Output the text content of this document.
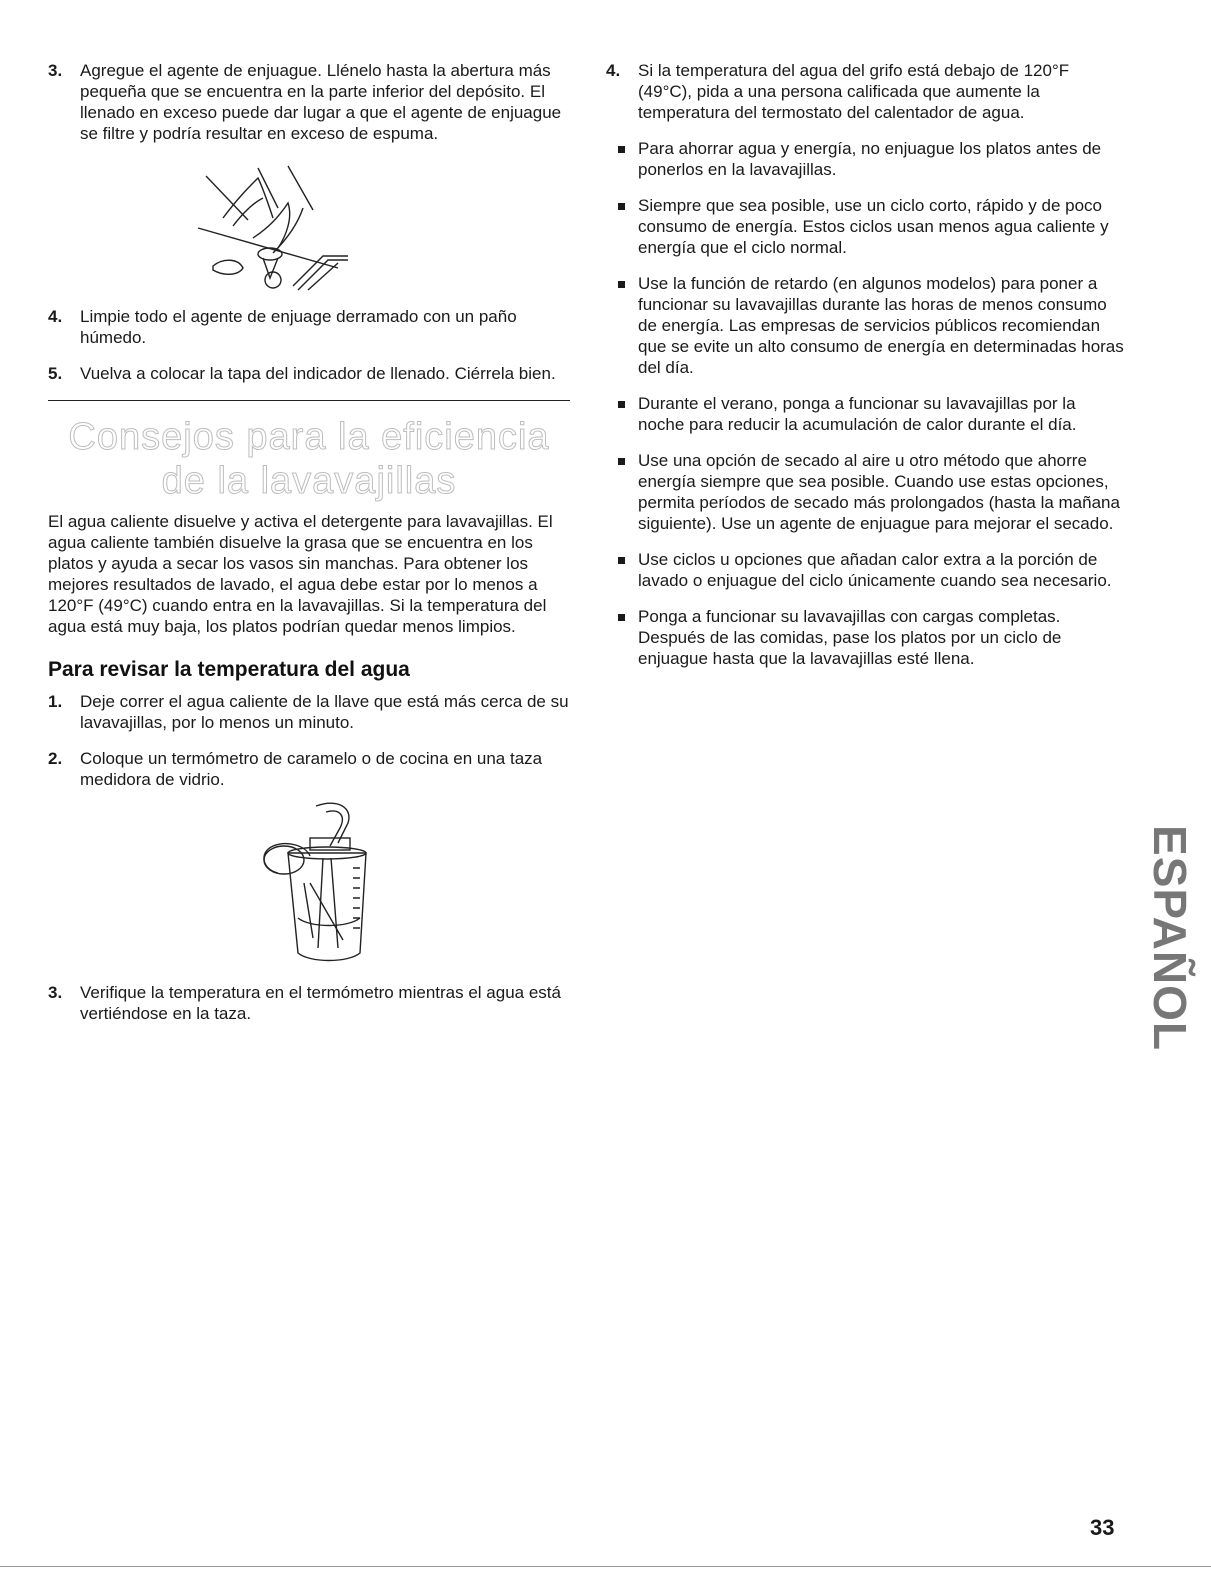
3. Agregue el agente de enjuague. Llénelo hasta la abertura más pequeña que se encuentra en la parte inferior del depósito. El llenado en exceso puede dar lugar a que el agente de enjuague se filtre y podría resultar en exceso de espuma.

4. Limpie todo el agente de enjuage derramado con un paño húmedo.

5. Vuelva a colocar la tapa del indicador de llenado. Ciérrela bien.

Consejos para la eficiencia
de la lavavajillas

El agua caliente disuelve y activa el detergente para lavavajillas. El agua caliente también disuelve la grasa que se encuentra en los platos y ayuda a secar los vasos sin manchas. Para obtener los mejores resultados de lavado, el agua debe estar por lo menos a 120°F (49°C) cuando entra en la lavavajillas. Si la temperatura del agua está muy baja, los platos podrían quedar menos limpios.

Para revisar la temperatura del agua
1. Deje correr el agua caliente de la llave que está más cerca de su lavavajillas, por lo menos un minuto.

2. Coloque un termómetro de caramelo o de cocina en una taza medidora de vidrio.

3. Verifique la temperatura en el termómetro mientras el agua está vertiéndose en la taza.

4. Si la temperatura del agua del grifo está debajo de 120°F (49°C), pida a una persona calificada que aumente la temperatura del termostato del calentador de agua.

Para ahorrar agua y energía, no enjuague los platos antes de ponerlos en la lavavajillas.

Siempre que sea posible, use un ciclo corto, rápido y de poco consumo de energía. Estos ciclos usan menos agua caliente y energía que el ciclo normal.

Use la función de retardo (en algunos modelos) para poner a funcionar su lavavajillas durante las horas de menos consumo de energía. Las empresas de servicios públicos recomiendan que se evite un alto consumo de energía en determinadas horas del día.

Durante el verano, ponga a funcionar su lavavajillas por la noche para reducir la acumulación de calor durante el día.

Use una opción de secado al aire u otro método que ahorre energía siempre que sea posible. Cuando use estas opciones, permita períodos de secado más prolongados (hasta la mañana siguiente). Use un agente de enjuague para mejorar el secado.

Use ciclos u opciones que añadan calor extra a la porción de lavado o enjuague del ciclo únicamente cuando sea necesario.

Ponga a funcionar su lavavajillas con cargas completas. Después de las comidas, pase los platos por un ciclo de enjuague hasta que la lavavajillas esté llena.

ESPAÑOL
33
